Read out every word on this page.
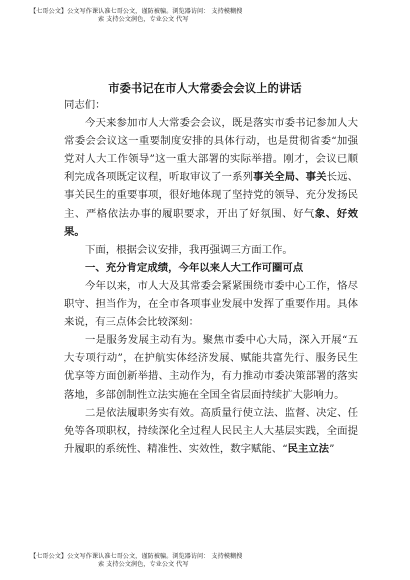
【七哥公文】公文写作课认准七哥公文，谨防被骗。浏览器访问： 支持模糊搜
索 支持公文润色，专业公文 代写
市委书记在市人大常委会会议上的讲话

同志们：

今天来参加市人大常委会会议，既是落实市委书记参加人大常委会会议这一重要制度安排的具体行动，也是贯彻省委“加强党对人大工作领导”这一重大部署的实际举措。刚才，会议已顺利完成各项既定议程，听取审议了一系列事关全局、事关长远、事关民生的重要事项，很好地体现了坚持党的领导、充分发扬民主、严格依法办事的履职要求，开出了好氛围、好气象、好效果。

下面，根据会议安排，我再强调三方面工作。

一、充分肯定成绩，今年以来人大工作可圈可点

今年以来，市人大及其常委会紧紧围绕市委中心工作，恪尽职守、担当作为，在全市各项事业发展中发挥了重要作用。具体来说，有三点体会比较深刻：

一是服务发展主动有为。聚焦市委中心大局，深入开展“五大专项行动”，在护航实体经济发展、赋能共富先行、服务民生优享等方面创新举措、主动作为，有力推动市委决策部署的落实落地，多部创制性立法实施在全国全省层面持续扩大影响力。

二是依法履职务实有效。高质量行使立法、监督、决定、任免等各项职权，持续深化全过程人民民主人大基层实践，全面提升履职的系统性、精准性、实效性，数字赋能、“民主立法”

【七哥公文】公文写作课认准七哥公文，谨防被骗。浏览器访问： 支持模糊搜
索 支持公文润色，专业公文 代写
